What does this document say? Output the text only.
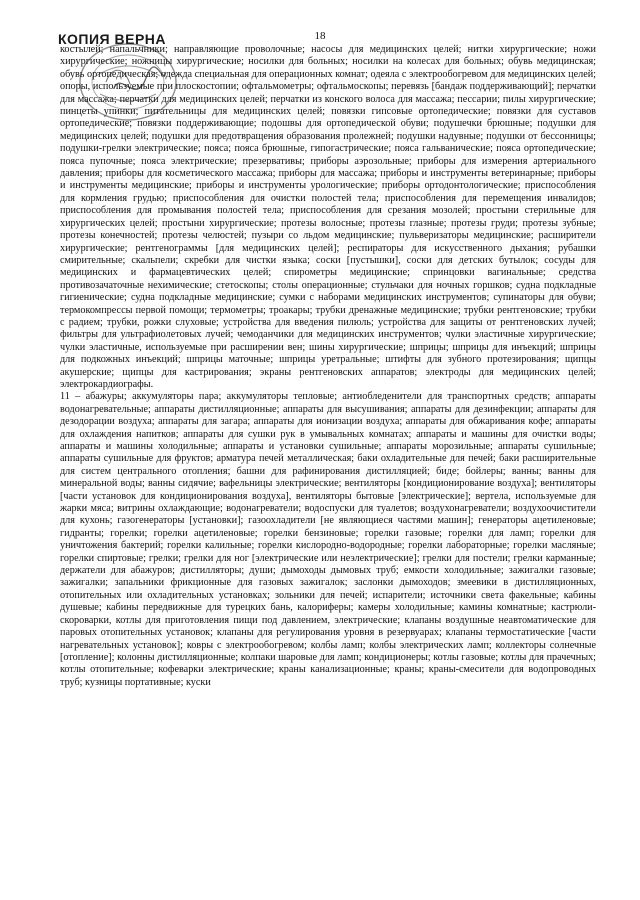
18
КОПИЯ ВЕРНА

костылей; напальчники; направляющие проволочные; насосы для медицинских целей; нитки хирургические; ножи хирургические; ножницы хирургические; носилки для больных; носилки на колесах для больных; обувь медицинская; обувь ортопедическая; одежда специальная для операционных комнат; одеяла с электрообогревом для медицинских целей; опоры, используемые при плоскостопии; офтальмометры; офтальмоскопы; перевязь [бандаж поддерживающий]; перчатки для массажа; перчатки для медицинских целей; перчатки из конского волоса для массажа; пессарии; пилы хирургические; пинцеты упинки; питательницы для медицинских целей; повязки гипсовые ортопедические; повязки для суставов ортопедические; повязки поддерживающие; подошвы для ортопедической обуви; подушечки брюшные; подушки для медицинских целей; подушки для предотвращения образования пролежней; подушки надувные; подушки от бессонницы; подушки-грелки электрические; пояса; пояса брюшные, гипогастрические; пояса гальванические; пояса ортопедические; пояса пупочные; пояса электрические; презервативы; приборы аэрозольные; приборы для измерения артериального давления; приборы для косметического массажа; приборы для массажа; приборы и инструменты ветеринарные; приборы и инструменты медицинские; приборы и инструменты урологические; приборы ортодонтологические; приспособления для кормления грудью; приспособления для очистки полостей тела; приспособления для перемещения инвалидов; приспособления для промывания полостей тела; приспособления для срезания мозолей; простыни стерильные для хирургических целей; простыни хирургические; протезы волосные; протезы глазные; протезы груди; протезы зубные; протезы конечностей; протезы челюстей; пузыри со льдом медицинские; пульверизаторы медицинские; расширители хирургические; рентгенограммы [для медицинских целей]; респираторы для искусственного дыхания; рубашки смирительные; скальпели; скребки для чистки языка; соски [пустышки], соски для детских бутылок; сосуды для медицинских и фармацевтических целей; спирометры медицинские; спринцовки вагинальные; средства противозачаточные нехимические; стетоскопы; столы операционные; стульчаки для ночных горшков; судна подкладные гигиенические; судна подкладные медицинские; сумки с наборами медицинских инструментов; супинаторы для обуви; термокомпрессы первой помощи; термометры; троакары; трубки дренажные медицинские; трубки рентгеновские; трубки с радием; трубки, рожки слуховые; устройства для введения пилюль; устройства для защиты от рентгеновских лучей; фильтры для ультрафиолетовых лучей; чемоданчики для медицинских инструментов; чулки эластичные хирургические; чулки эластичные, используемые при расширении вен; шины хирургические; шприцы; шприцы для инъекций; шприцы для подкожных инъекций; шприцы маточные; шприцы уретральные; штифты для зубного протезирования; щипцы акушерские; щипцы для кастрирования; экраны рентгеновских аппаратов; электроды для медицинских целей; электрокардиографы.

11 – абажуры; аккумуляторы пара; аккумуляторы тепловые; антиобледенители для транспортных средств; аппараты водонагревательные; аппараты дистилляционные; аппараты для высушивания; аппараты для дезинфекции; аппараты для дезодорации воздуха; аппараты для загара; аппараты для ионизации воздуха; аппараты для обжаривания кофе; аппараты для охлаждения напитков; аппараты для сушки рук в умывальных комнатах; аппараты и машины для очистки воды; аппараты и машины холодильные; аппараты и установки сушильные; аппараты морозильные; аппараты сушильные; аппараты сушильные для фруктов; арматура печей металлическая; баки охладительные для печей; баки расширительные для систем центрального отопления; башни для рафинирования дистилляцией; биде; бойлеры; ванны; ванны для минеральной воды; ванны сидячие; вафельницы электрические; вентиляторы [кондиционирование воздуха]; вентиляторы [части установок для кондиционирования воздуха], вентиляторы бытовые [электрические]; вертела, используемые для жарки мяса; витрины охлаждающие; водонагреватели; водоспуски для туалетов; воздухонагреватели; воздухоочистители для кухонь; газогенераторы [установки]; газоохладители [не являющиеся частями машин]; генераторы ацетиленовые; гидранты; горелки; горелки ацетиленовые; горелки бензиновые; горелки газовые; горелки для ламп; горелки для уничтожения бактерий; горелки калильные; горелки кислородно-водородные; горелки лабораторные; горелки масляные; горелки спиртовые; грелки; грелки для ног [электрические или неэлектрические]; грелки для постели; грелки карманные; держатели для абажуров; дистилляторы; души; дымоходы дымовых труб; емкости холодильные; зажигалки газовые; зажигалки; запальники фрикционные для газовых зажигалок; заслонки дымоходов; змеевики в дистилляционных, отопительных или охладительных установках; зольники для печей; испарители; источники света факельные; кабины душевые; кабины передвижные для турецких бань, калориферы; камеры холодильные; камины комнатные; кастрюли-скороварки, котлы для приготовления пищи под давлением, электрические; клапаны воздушные неавтоматические для паровых отопительных установок; клапаны для регулирования уровня в резервуарах; клапаны термостатические [части нагревательных установок]; ковры с электрообогревом; колбы ламп; колбы электрических ламп; коллекторы солнечные [отопление]; колонны дистилляционные; колпаки шаровые для ламп; кондиционеры; котлы газовые; котлы для прачечных; котлы отопительные; кофеварки электрические; краны канализационные; краны; краны-смесители для водопроводных труб; кузницы портативные; куски
